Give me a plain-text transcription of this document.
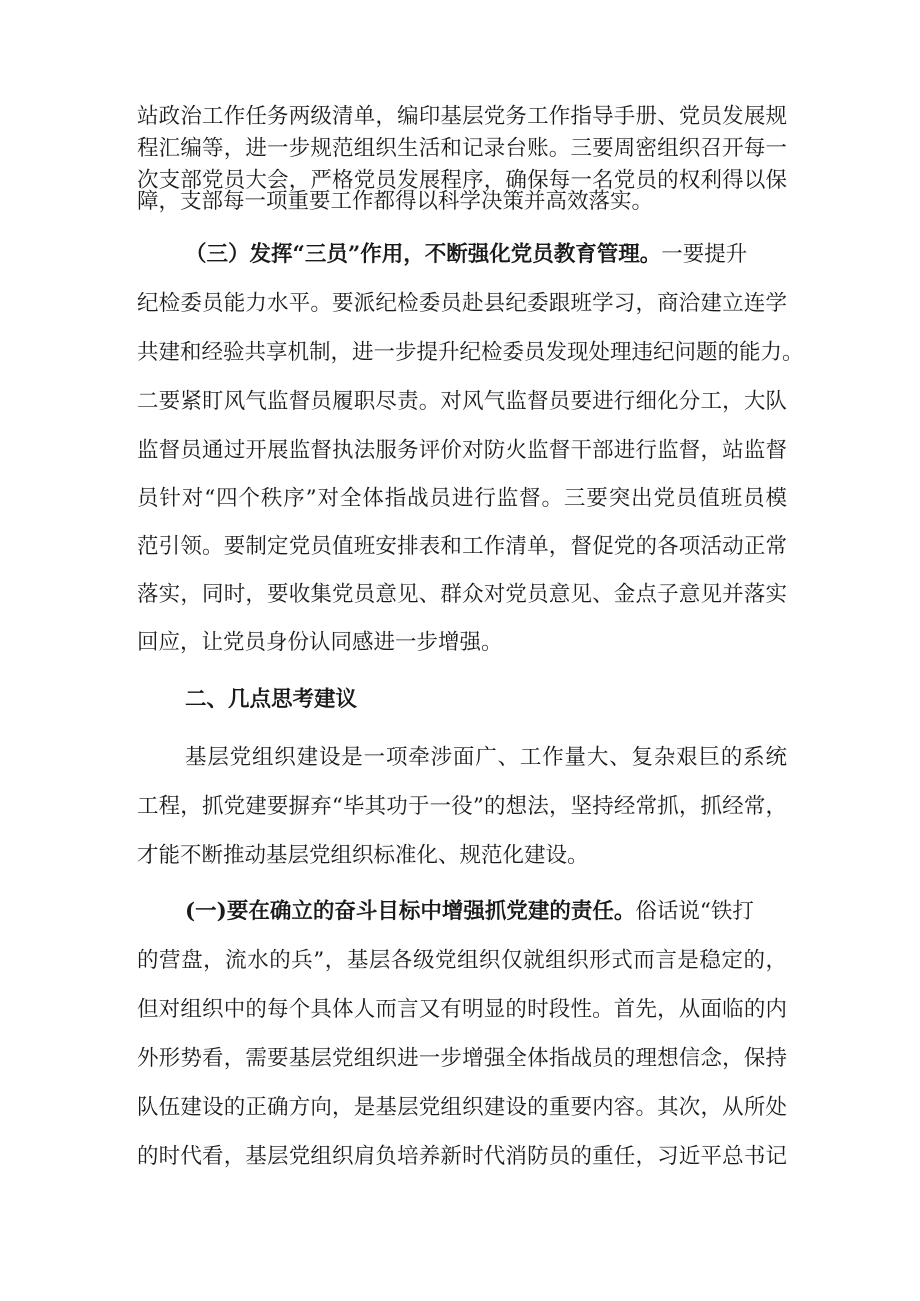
站政治工作任务两级清单，编印基层党务工作指导手册、党员发展规
程汇编等，进一步规范组织生活和记录台账。三要周密组织召开每一
次支部党员大会，严格党员发展程序，确保每一名党员的权利得以保
障，支部每一项重要工作都得以科学决策并高效落实。
（三）发挥“三员”作用，不断强化党员教育管理。一要提升
纪检委员能力水平。要派纪检委员赴县纪委跟班学习，商洽建立连学
共建和经验共享机制，进一步提升纪检委员发现处理违纪问题的能力。
二要紧盯风气监督员履职尽责。对风气监督员要进行细化分工，大队
监督员通过开展监督执法服务评价对防火监督干部进行监督，站监督
员针对“四个秩序”对全体指战员进行监督。三要突出党员值班员模
范引领。要制定党员值班安排表和工作清单，督促党的各项活动正常
落实，同时，要收集党员意见、群众对党员意见、金点子意见并落实
回应，让党员身份认同感进一步增强。
二、几点思考建议
基层党组织建设是一项牵涉面广、工作量大、复杂艰巨的系统
工程，抓党建要摒弃“毕其功于一役”的想法，坚持经常抓，抓经常，
才能不断推动基层党组织标准化、规范化建设。
(一)要在确立的奋斗目标中增强抓党建的责任。俗话说“铁打
的营盘，流水的兵”，基层各级党组织仅就组织形式而言是稳定的，
但对组织中的每个具体人而言又有明显的时段性。首先，从面临的内
外形势看，需要基层党组织进一步增强全体指战员的理想信念，保持
队伍建设的正确方向，是基层党组织建设的重要内容。其次，从所处
的时代看，基层党组织肩负培养新时代消防员的重任，习近平总书记
